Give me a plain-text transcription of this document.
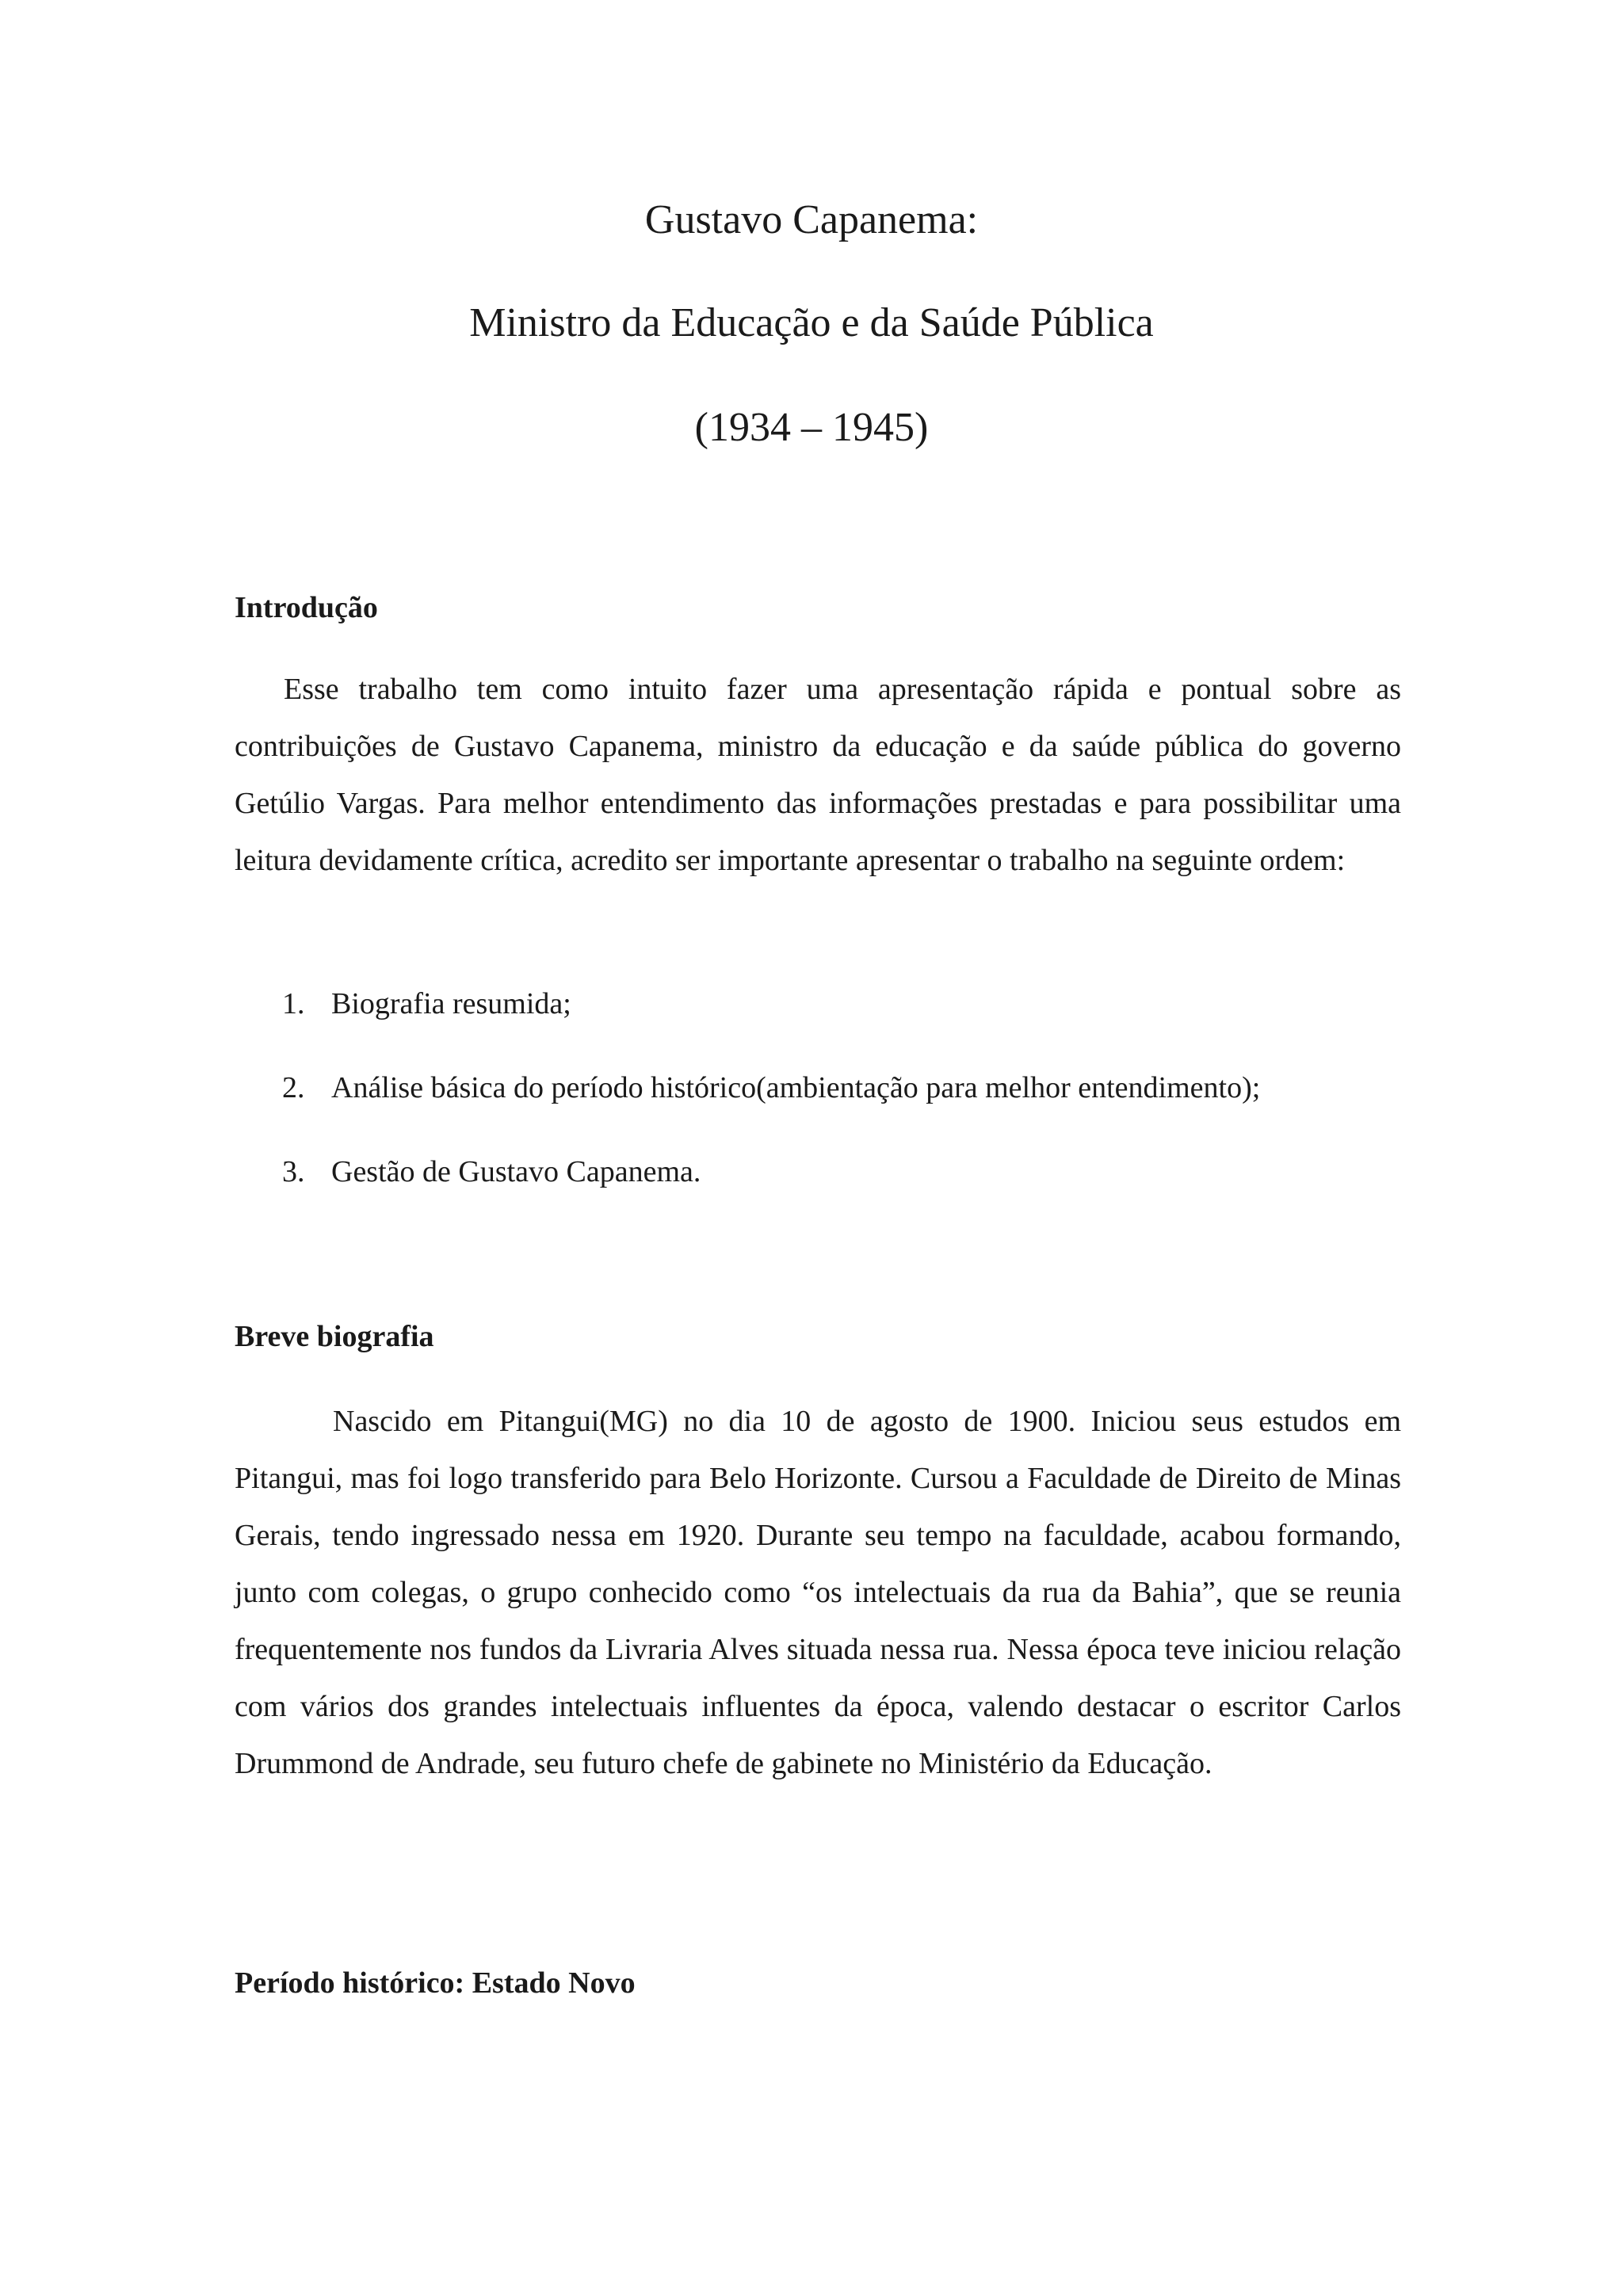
Gustavo Capanema:
Ministro da Educação e da Saúde Pública
(1934 – 1945)
Introdução

Esse trabalho tem como intuito fazer uma apresentação rápida e pontual sobre as contribuições de Gustavo Capanema, ministro da educação e da saúde pública do governo Getúlio Vargas. Para melhor entendimento das informações prestadas e para possibilitar uma leitura devidamente crítica, acredito ser importante apresentar o trabalho na seguinte ordem:

1. Biografia resumida;
2. Análise básica do período histórico(ambientação para melhor entendimento);
3. Gestão de Gustavo Capanema.
Breve biografia

Nascido em Pitangui(MG) no dia 10 de agosto de 1900. Iniciou seus estudos em Pitangui, mas foi logo transferido para Belo Horizonte. Cursou a Faculdade de Direito de Minas Gerais, tendo ingressado nessa em 1920. Durante seu tempo na faculdade, acabou formando, junto com colegas, o grupo conhecido como “os intelectuais da rua da Bahia”, que se reunia frequentemente nos fundos da Livraria Alves situada nessa rua. Nessa época teve iniciou relação com vários dos grandes intelectuais influentes da época, valendo destacar o escritor Carlos Drummond de Andrade, seu futuro chefe de gabinete no Ministério da Educação.

Período histórico: Estado Novo
